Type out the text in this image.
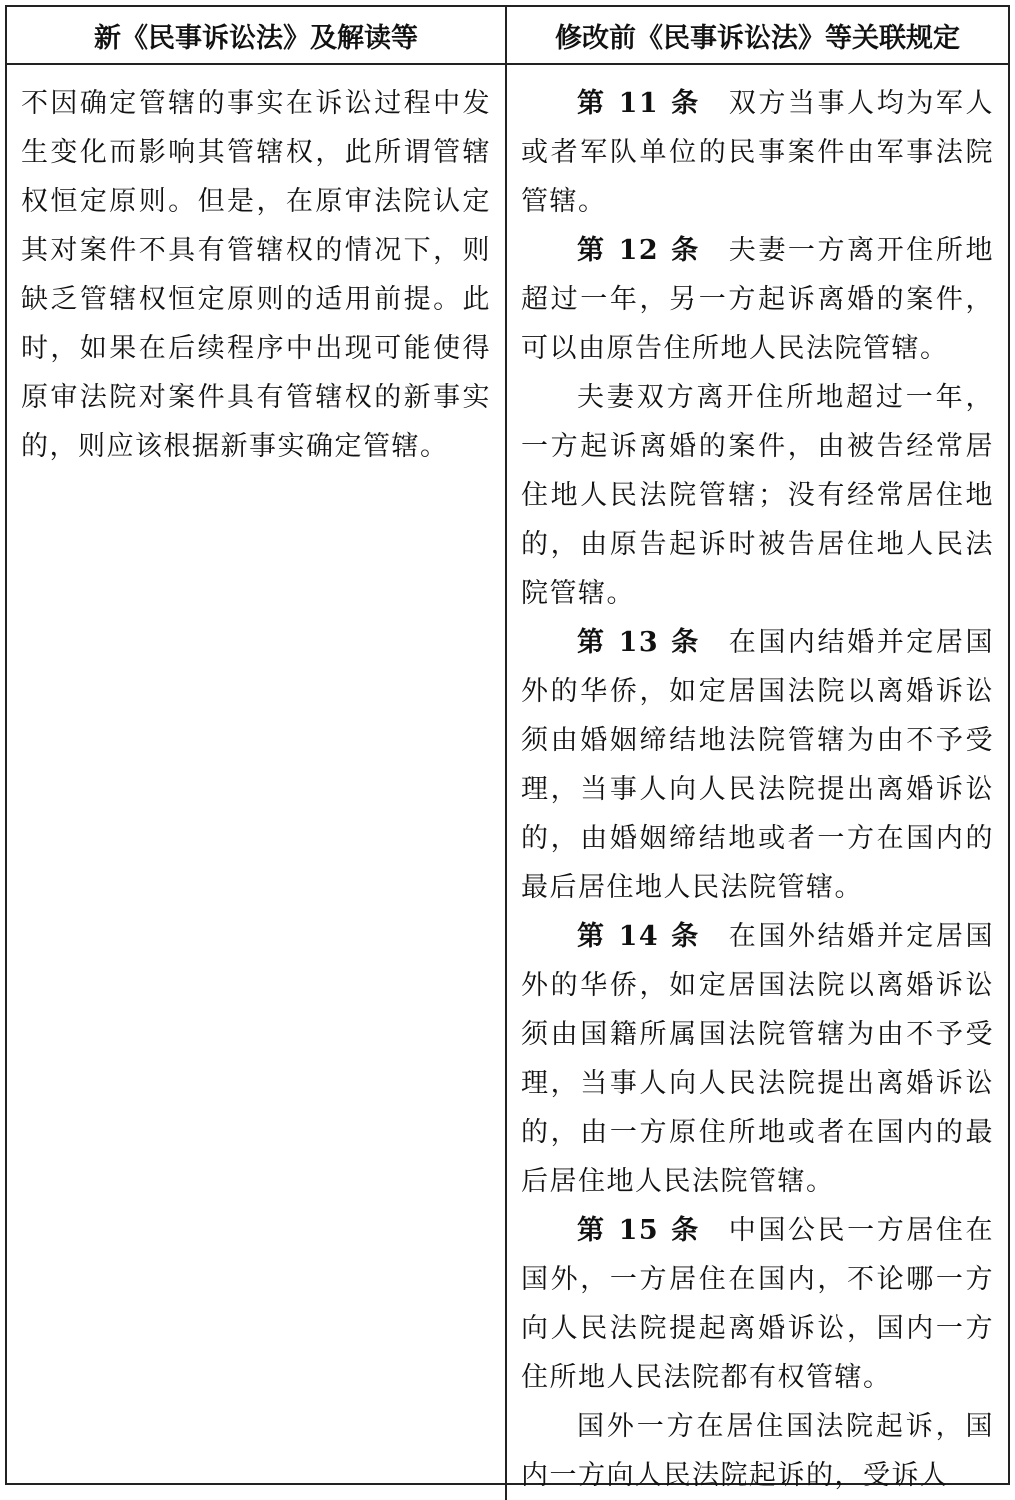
新《民事诉讼法》及解读等	修改前《民事诉讼法》等关联规定

不因确定管辖的事实在诉讼过程中发生变化而影响其管辖权，此所谓管辖权恒定原则。但是，在原审法院认定其对案件不具有管辖权的情况下，则缺乏管辖权恒定原则的适用前提。此时，如果在后续程序中出现可能使得原审法院对案件具有管辖权的新事实的，则应该根据新事实确定管辖。

第 11 条 双方当事人均为军人或者军队单位的民事案件由军事法院管辖。

第 12 条 夫妻一方离开住所地超过一年，另一方起诉离婚的案件，可以由原告住所地人民法院管辖。

夫妻双方离开住所地超过一年，一方起诉离婚的案件，由被告经常居住地人民法院管辖；没有经常居住地的，由原告起诉时被告居住地人民法院管辖。

第 13 条 在国内结婚并定居国外的华侨，如定居国法院以离婚诉讼须由婚姻缔结地法院管辖为由不予受理，当事人向人民法院提出离婚诉讼的，由婚姻缔结地或者一方在国内的最后居住地人民法院管辖。

第 14 条 在国外结婚并定居国外的华侨，如定居国法院以离婚诉讼须由国籍所属国法院管辖为由不予受理，当事人向人民法院提出离婚诉讼的，由一方原住所地或者在国内的最后居住地人民法院管辖。

第 15 条 中国公民一方居住在国外，一方居住在国内，不论哪一方向人民法院提起离婚诉讼，国内一方住所地人民法院都有权管辖。

国外一方在居住国法院起诉，国内一方向人民法院起诉的，受诉人
